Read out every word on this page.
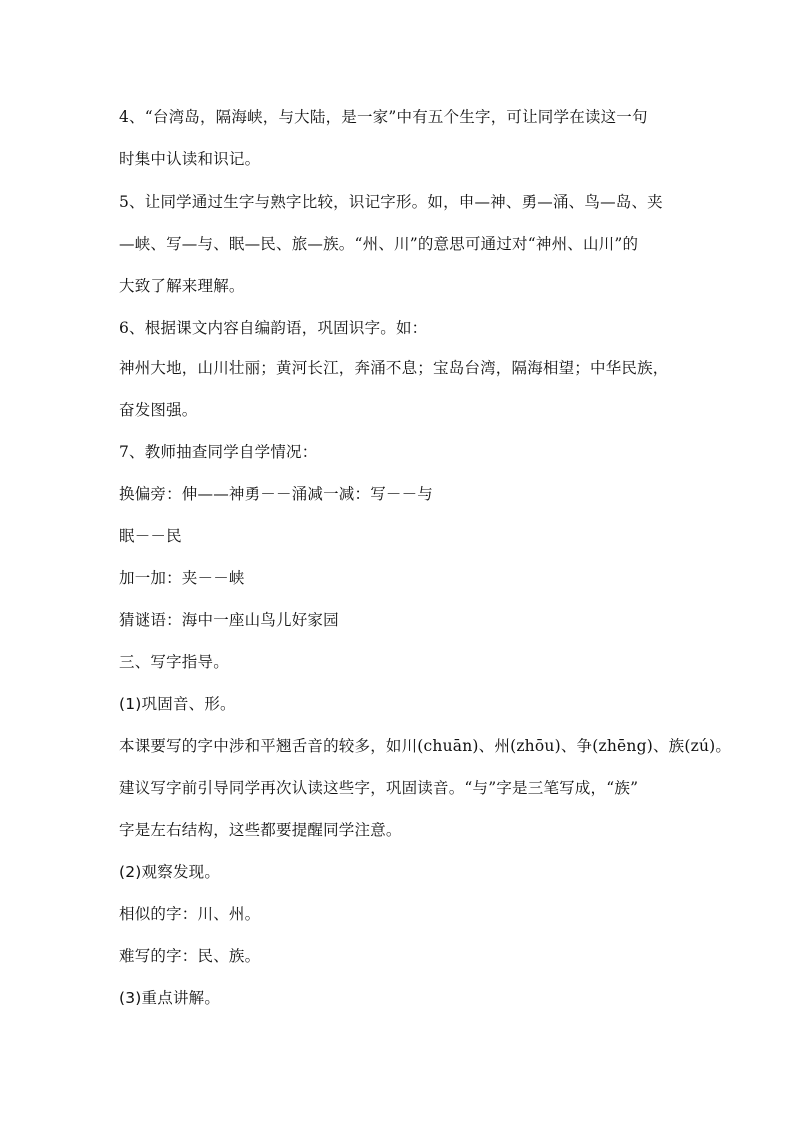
4、“台湾岛，隔海峡，与大陆，是一家”中有五个生字，可让同学在读这一句
时集中认读和识记。
5、让同学通过生字与熟字比较，识记字形。如，申—神、勇—涌、鸟—岛、夹
—峡、写—与、眠—民、旅—族。“州、川”的意思可通过对“神州、山川”的
大致了解来理解。
6、根据课文内容自编韵语，巩固识字。如：
神州大地，山川壮丽；黄河长江，奔涌不息；宝岛台湾，隔海相望；中华民族，
奋发图强。
7、教师抽查同学自学情况：
换偏旁：伸——神勇－－涌减一减：写－－与
眠－－民
加一加：夹－－峡
猜谜语：海中一座山鸟儿好家园
三、写字指导。
(1)巩固音、形。
本课要写的字中涉和平翘舌音的较多，如川(chuān)、州(zhōu)、争(zhēng)、族(zú)。
建议写字前引导同学再次认读这些字，巩固读音。“与”字是三笔写成，“族”
字是左右结构，这些都要提醒同学注意。
(2)观察发现。
相似的字：川、州。
难写的字：民、族。
(3)重点讲解。
